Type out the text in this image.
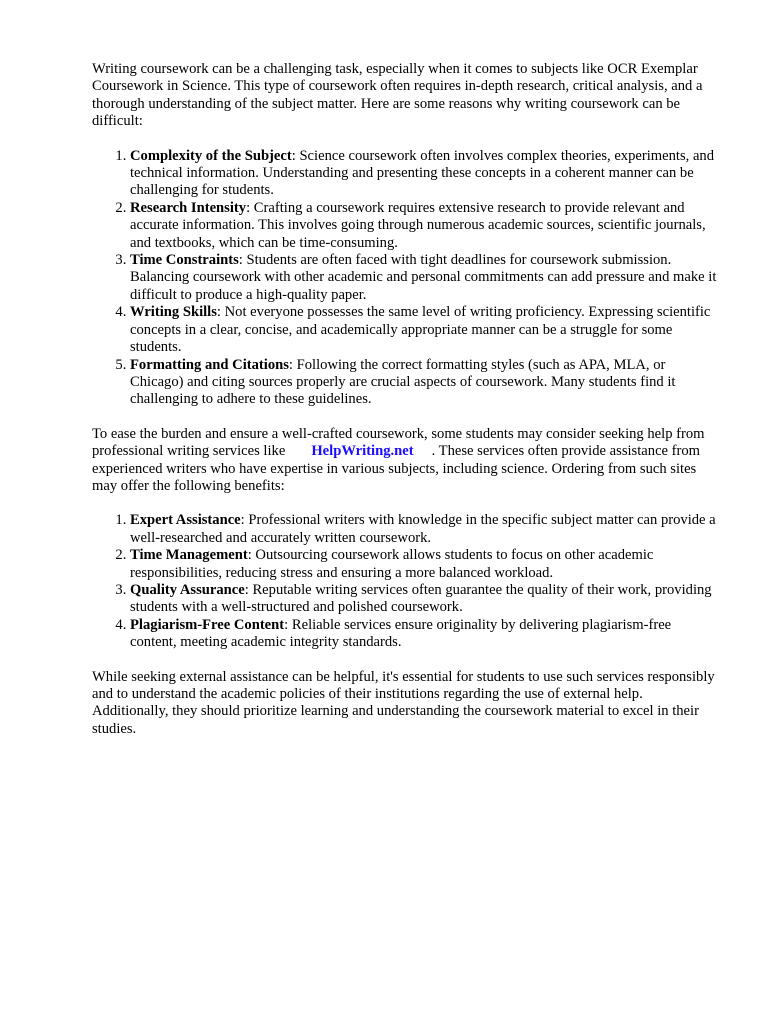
Writing coursework can be a challenging task, especially when it comes to subjects like OCR Exemplar Coursework in Science. This type of coursework often requires in-depth research, critical analysis, and a thorough understanding of the subject matter. Here are some reasons why writing coursework can be difficult:

1. Complexity of the Subject: Science coursework often involves complex theories, experiments, and technical information. Understanding and presenting these concepts in a coherent manner can be challenging for students.
2. Research Intensity: Crafting a coursework requires extensive research to provide relevant and accurate information. This involves going through numerous academic sources, scientific journals, and textbooks, which can be time-consuming.
3. Time Constraints: Students are often faced with tight deadlines for coursework submission. Balancing coursework with other academic and personal commitments can add pressure and make it difficult to produce a high-quality paper.
4. Writing Skills: Not everyone possesses the same level of writing proficiency. Expressing scientific concepts in a clear, concise, and academically appropriate manner can be a struggle for some students.
5. Formatting and Citations: Following the correct formatting styles (such as APA, MLA, or Chicago) and citing sources properly are crucial aspects of coursework. Many students find it challenging to adhere to these guidelines.

To ease the burden and ensure a well-crafted coursework, some students may consider seeking help from professional writing services like HelpWriting.net . These services often provide assistance from experienced writers who have expertise in various subjects, including science. Ordering from such sites may offer the following benefits:

1. Expert Assistance: Professional writers with knowledge in the specific subject matter can provide a well-researched and accurately written coursework.
2. Time Management: Outsourcing coursework allows students to focus on other academic responsibilities, reducing stress and ensuring a more balanced workload.
3. Quality Assurance: Reputable writing services often guarantee the quality of their work, providing students with a well-structured and polished coursework.
4. Plagiarism-Free Content: Reliable services ensure originality by delivering plagiarism-free content, meeting academic integrity standards.

While seeking external assistance can be helpful, it's essential for students to use such services responsibly and to understand the academic policies of their institutions regarding the use of external help. Additionally, they should prioritize learning and understanding the coursework material to excel in their studies.
